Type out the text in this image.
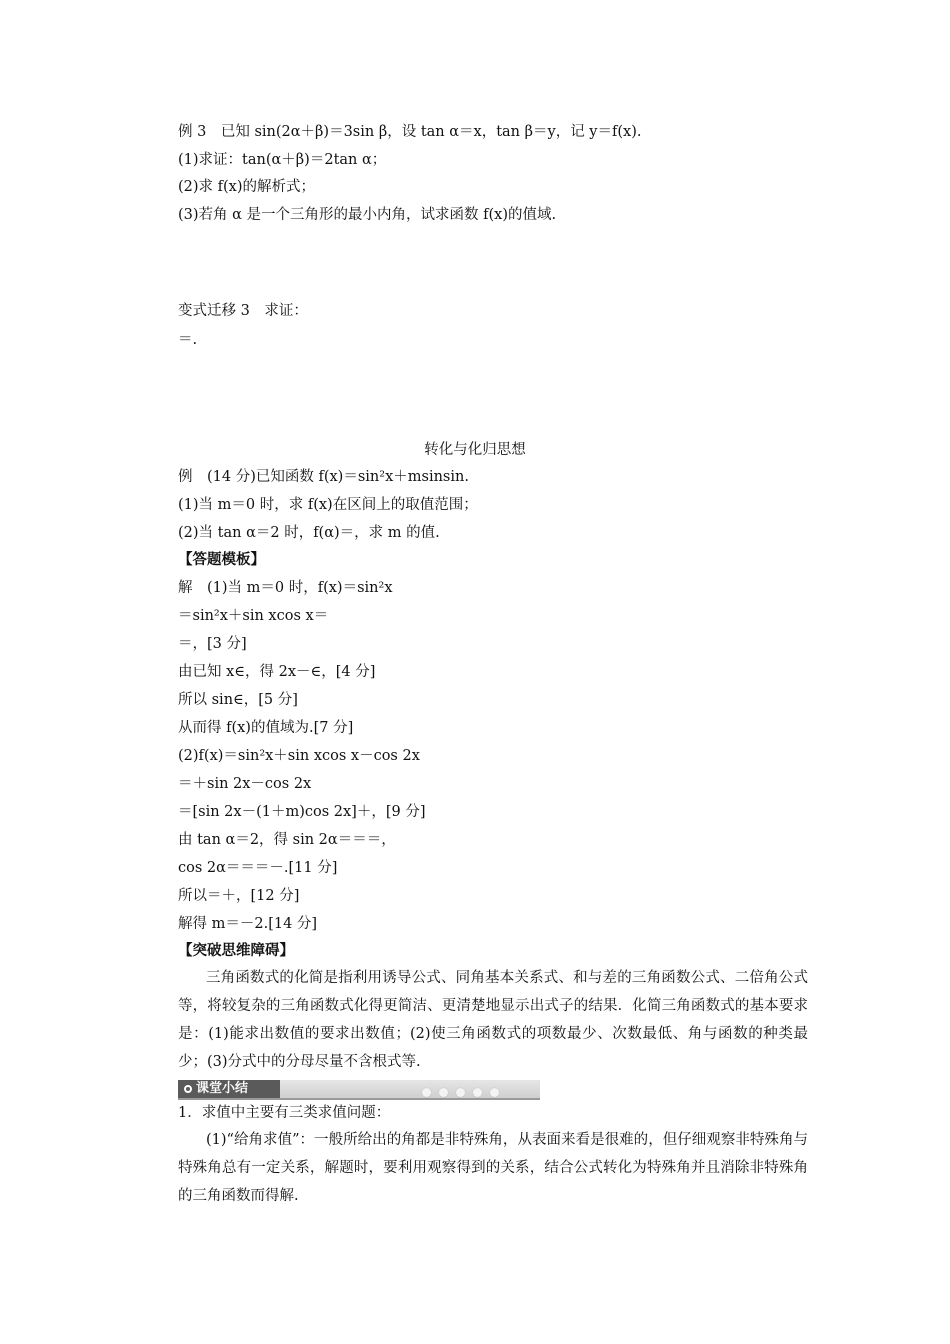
例 3　已知 sin(2α＋β)＝3sin β，设 tan α＝x，tan β＝y，记 y＝f(x).
(1)求证：tan(α＋β)＝2tan α；
(2)求 f(x)的解析式；
(3)若角 α 是一个三角形的最小内角，试求函数 f(x)的值域.
变式迁移 3　求证：
＝.
转化与化归思想
例　(14 分)已知函数 f(x)＝sin²x＋msinsin.
(1)当 m＝0 时，求 f(x)在区间上的取值范围；
(2)当 tan α＝2 时，f(α)＝，求 m 的值.
【答题模板】
解　(1)当 m＝0 时，f(x)＝sin²x
＝sin²x＋sin xcos x＝
＝，[3 分]
由已知 x∈，得 2x－∈，[4 分]
所以 sin∈，[5 分]
从而得 f(x)的值域为.[7 分]
(2)f(x)＝sin²x＋sin xcos x－cos 2x
＝＋sin 2x－cos 2x
＝[sin 2x－(1＋m)cos 2x]＋，[9 分]
由 tan α＝2，得 sin 2α＝＝＝，
cos 2α＝＝＝－.[11 分]
所以＝＋，[12 分]
解得 m＝－2.[14 分]
【突破思维障碍】
三角函数式的化简是指利用诱导公式、同角基本关系式、和与差的三角函数公式、二倍角公式等，将较复杂的三角函数式化得更简洁、更清楚地显示出式子的结果．化简三角函数式的基本要求是：(1)能求出数值的要求出数值；(2)使三角函数式的项数最少、次数最低、角与函数的种类最少；(3)分式中的分母尽量不含根式等.
课堂小结
1．求值中主要有三类求值问题：
(1)“给角求值”：一般所给出的角都是非特殊角，从表面来看是很难的，但仔细观察非特殊角与特殊角总有一定关系，解题时，要利用观察得到的关系，结合公式转化为特殊角并且消除非特殊角的三角函数而得解.
